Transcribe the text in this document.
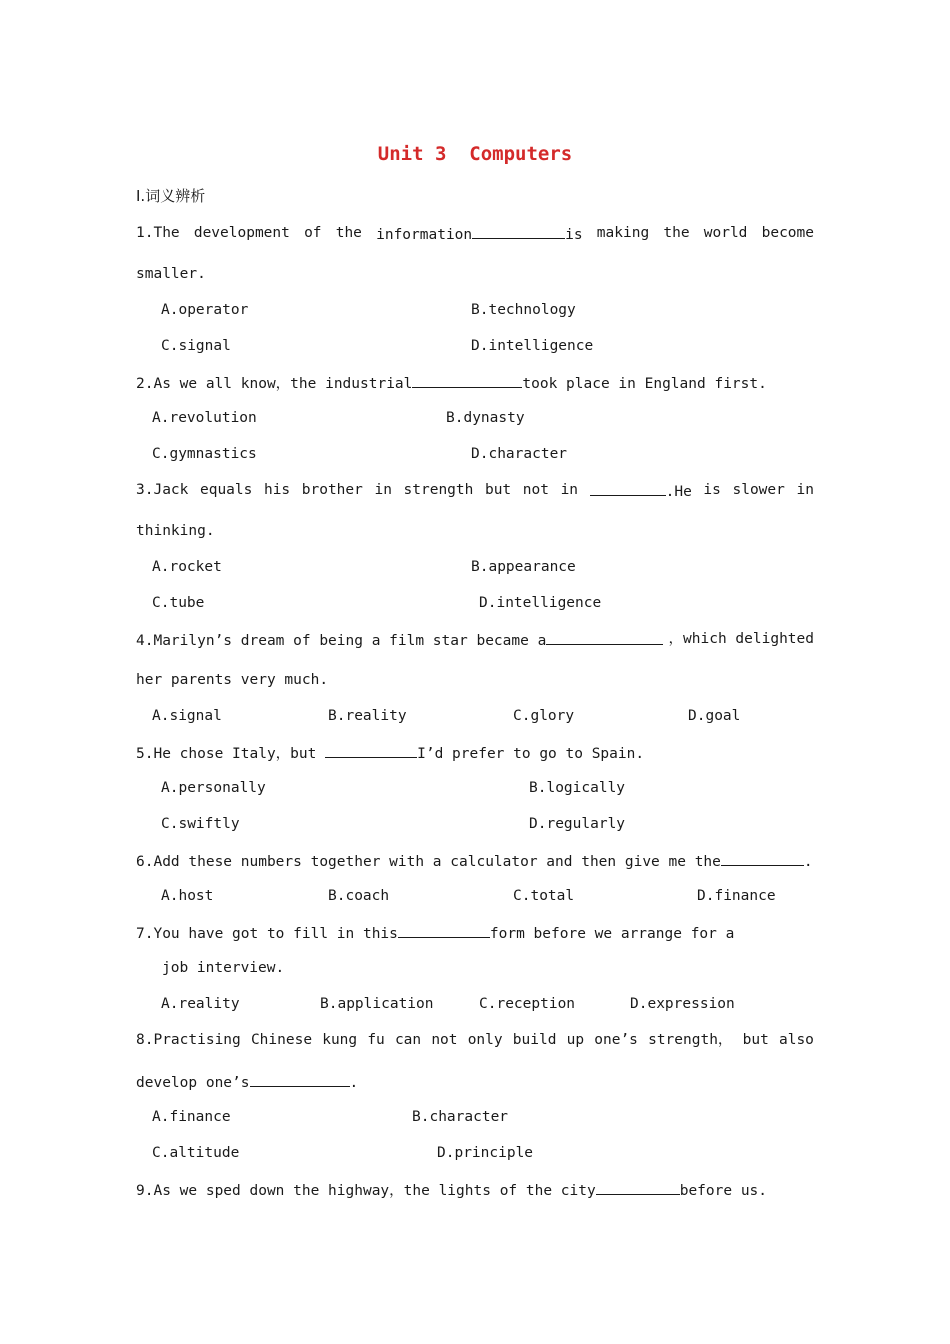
Unit 3  Computers
Ⅰ.词义辨析
1.The development of the information	is making the world become
smaller.
A.operator	B.technology
C.signal	D.intelligence
2.As we all know，the industrial	took place in England first.
A.revolution	B.dynasty
C.gymnastics	D.character
3.Jack equals his brother in strength but not in	.He is slower in
thinking.
A.rocket	B.appearance
C.tube	D.intelligence
4.Marilyn’s dream of being a film star became a	，which delighted
her parents very much.
A.signal	B.reality	C.glory	D.goal
5.He chose Italy，but	I’d prefer to go to Spain.
A.personally	B.logically
C.swiftly	D.regularly
6.Add these numbers together with a calculator and then give me the	.
A.host	B.coach	C.total	D.finance
7.You have got to fill in this	form before we arrange for a
job interview.
A.reality	B.application	C.reception	D.expression
8.Practising Chinese kung fu can not only build up one’s strength， but also
develop one’s	.
A.finance	B.character
C.altitude	D.principle
9.As we sped down the highway，the lights of the city	before us.
